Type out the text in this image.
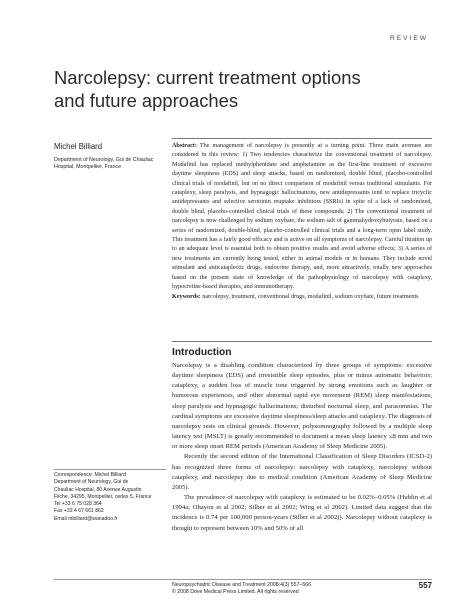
REVIEW
Narcolepsy: current treatment options
and future approaches
Michel Billiard
Department of Neurology, Gui de Chauliac Hospital, Montpellier, France
Abstract: The management of narcolepsy is presently at a turning point. Three main avenues are considered in this review: 1) Two tendencies characterize the conventional treatment of narcolepsy. Modafinil has replaced methylphenidate and amphetamine as the first-line treatment of excessive daytime sleepiness (EDS) and sleep attacks, based on randomized, double blind, placebo-controlled clinical trials of modafinil, but on no direct comparison of modafinil versus traditional stimulants. For cataplexy, sleep paralysis, and hypnagogic hallucinations, new antidepressants tend to replace tricyclic antidepressants and selective serotonin reuptake inhibitors (SSRIs) in spite of a lack of randomized, double blind, placebo-controlled clinical trials of these compounds; 2) The conventional treatment of narcolepsy is now challenged by sodium oxybate, the sodium salt of gammahydroxybutyrate, based on a series of randomized, double-blind, placebo-controlled clinical trials and a long-term open label study. This treatment has a fairly good efficacy and is active on all symptoms of narcolepsy. Careful titration up to an adequate level is essential both to obtain positive results and avoid adverse effects; 3) A series of new treatments are currently being tested, either in animal models or in humans. They include novel stimulant and anticataplectic drugs, endocrine therapy, and, more attractively, totally new approaches based on the present state of knowledge of the pathophysiology of narcolepsy with cataplexy, hypocretine-based therapies, and immunotherapy.
Keywords: narcolepsy, treatment, conventional drugs, modafinil, sodium oxybate, future treatments
Introduction

Narcolepsy is a disabling condition characterized by three groups of symptoms: excessive daytime sleepiness (EDS) and irresistible sleep episodes, plus or minus automatic behaviors; cataplexy, a sudden loss of muscle tone triggered by strong emotions such as laughter or humorous experiences, and other abnormal rapid eye movement (REM) sleep manifestations, sleep paralysis and hypnagogic hallucinations; disturbed nocturnal sleep, and parasomnias. The cardinal symptoms are excessive daytime sleepiness/sleep attacks and cataplexy. The diagnosis of narcolepsy rests on clinical grounds. However, polysomnography followed by a multiple sleep latency test (MSLT) is greatly recommended to document a mean sleep latency ≤8 min and two or more sleep onset REM periods (American Academy of Sleep Medicine 2005).

Recently the second edition of the International Classification of Sleep Disorders (ICSD-2) has recognized three forms of narcolepsy: narcolepsy with cataplexy, narcolepsy without cataplexy, and narcolepsy due to medical condition (American Academy of Sleep Medicine 2005).

The prevalence of narcolepsy with cataplexy is estimated to be 0.02%–0.05% (Hublin et al 1994a; Ohayon et al 2002; Silber et al 2002; Wing et al 2002). Limited data suggest that the incidence is 0.74 per 100,000 person-years (Silber et al 2002)). Narcolepsy without cataplexy is thought to represent between 10% and 50% of all

Correspondence: Michel Billiard
Department of Neurology, Gui de
Chauliac Hospital, 80 Avenue Augustin
Fliche, 34295, Montpellier, cedex 5, France
Tel +33 6 75 028 364
Fax +33 4 67 661 862
Email mbilliard@wanadoo.fr
Neuropsychiatric Disease and Treatment 2008:4(3) 557–566
© 2008 Dove Medical Press Limited. All rights reserved
557
